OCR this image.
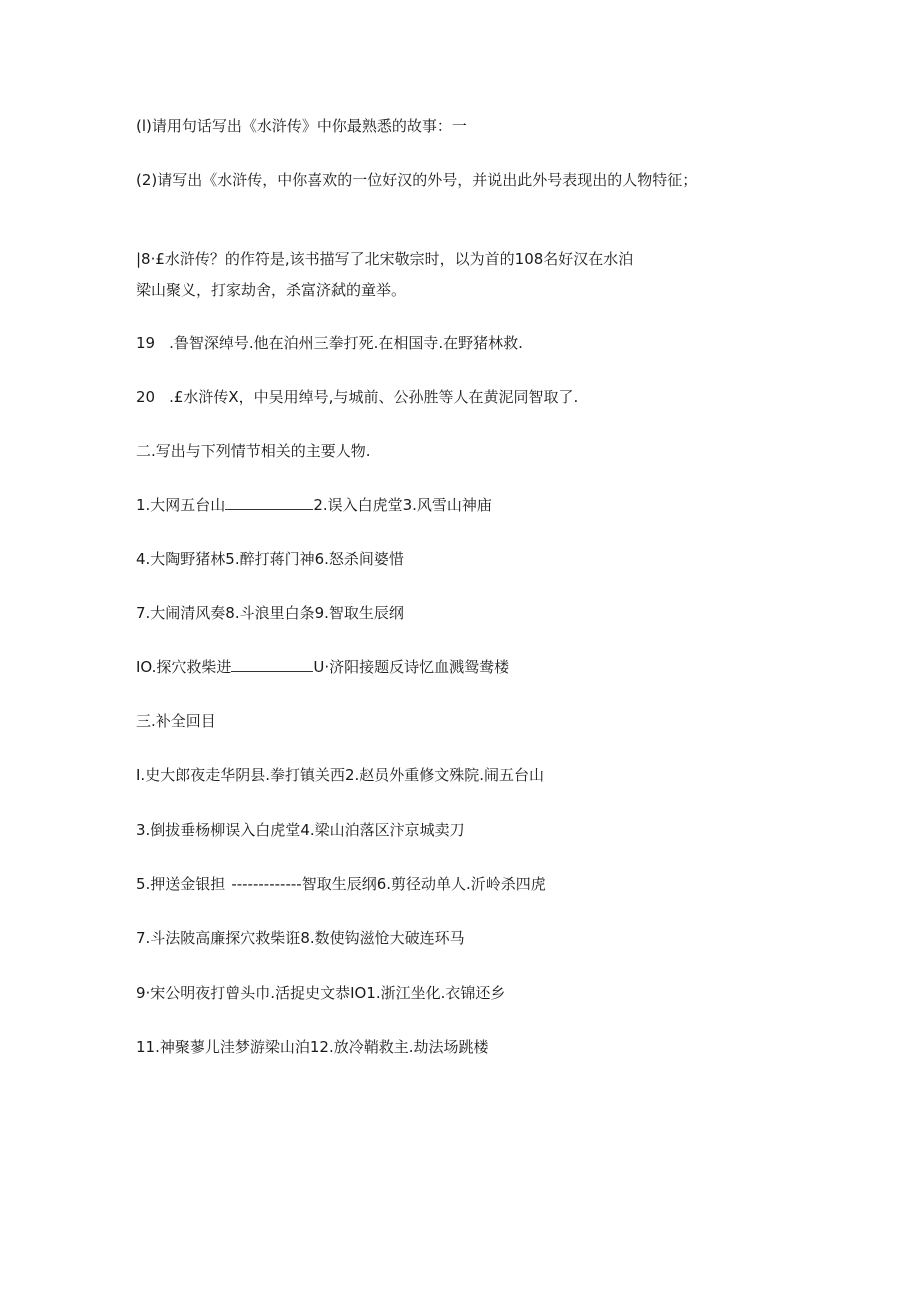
(l)请用句话写出《水浒传》中你最熟悉的故事：一
(2)请写出《水浒传，中你喜欢的一位好汉的外号，并说出此外号表现出的人物特征；
|8·£水浒传？的作符是,该书描写了北宋敬宗时，以为首的108名好汉在水泊
梁山聚义，打家劫舍，杀富济弑的童举。
19 .鲁智深绰号.他在泊州三拳打死.在相国寺.在野猪林救.
20 .£水浒传X，中吴用绰号,与城前、公孙胜等人在黄泥同智取了.
二.写出与下列情节相关的主要人物.
1.大网五台山	2.误入白虎堂3.风雪山神庙
4.大陶野猪林5.醉打蒋门神6.怒杀间婆惜
7.大闹清风奏8.斗浪里白条9.智取生辰纲
IO.探穴救柴进	U·济阳接题反诗忆血溅鸳鸯楼
三.补全回目
I.史大郎夜走华阴县.拳打镇关西2.赵员外重修文殊院.闹五台山
3.倒拔垂杨柳误入白虎堂4.梁山泊落区汴京城卖刀
5.押送金银担 -------------智取生辰纲6.剪径动单人.沂岭杀四虎
7.斗法陂高廉探穴救柴诳8.数使钩滋怆大破连环马
9·宋公明夜打曾头巾.活捉史文恭IO1.浙江坐化.衣锦还乡
11.神聚蓼儿洼梦游梁山泊12.放冷鞘救主.劫法场跳楼
